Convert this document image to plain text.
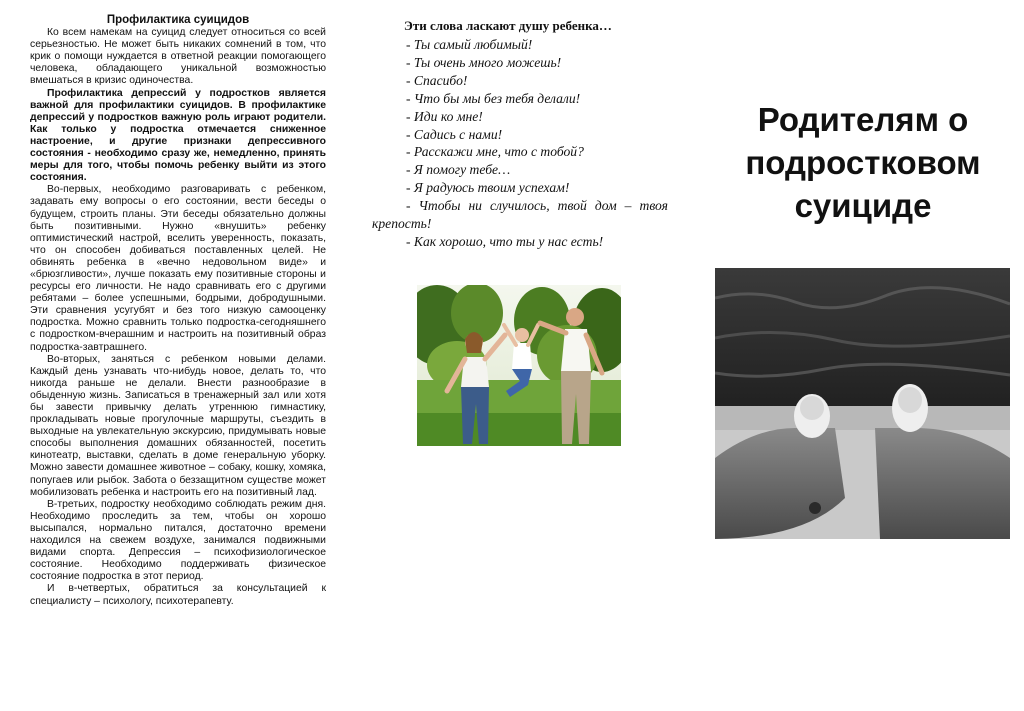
Профилактика суицидов

Ко всем намекам на суицид следует относиться со всей серьезностью. Не может быть никаких сомнений в том, что крик о помощи нуждается в ответной реакции помогающего человека, обладающего уникальной возможностью вмешаться в кризис одиночества.

Профилактика депрессий у подростков является важной для профилактики суицидов. В профилактике депрессий у подростков важную роль играют родители. Как только у подростка отмечается сниженное настроение, и другие признаки депрессивного состояния - необходимо сразу же, немедленно, принять меры для того, чтобы помочь ребенку выйти из этого состояния.

Во-первых, необходимо разговаривать с ребенком, задавать ему вопросы о его состоянии, вести беседы о будущем, строить планы. Эти беседы обязательно должны быть позитивными. Нужно «внушить» ребенку оптимистический настрой, вселить уверенность, показать, что он способен добиваться поставленных целей. Не обвинять ребенка в «вечно недовольном виде» и «брюзгливости», лучше показать ему позитивные стороны и ресурсы его личности. Не надо сравнивать его с другими ребятами – более успешными, бодрыми, добродушными. Эти сравнения усугубят и без того низкую самооценку подростка. Можно сравнить только подростка-сегодняшнего с подростком-вчерашним и настроить на позитивный образ подростка-завтрашнего.

Во-вторых, заняться с ребенком новыми делами. Каждый день узнавать что-нибудь новое, делать то, что никогда раньше не делали. Внести разнообразие в обыденную жизнь. Записаться в тренажерный зал или хотя бы завести привычку делать утреннюю гимнастику, прокладывать новые прогулочные маршруты, съездить в выходные на увлекательную экскурсию, придумывать новые способы выполнения домашних обязанностей, посетить кинотеатр, выставки, сделать в доме генеральную уборку. Можно завести домашнее животное – собаку, кошку, хомяка, попугаев или рыбок. Забота о беззащитном существе может мобилизовать ребенка и настроить его на позитивный лад.

В-третьих, подростку необходимо соблюдать режим дня. Необходимо проследить за тем, чтобы он хорошо высыпался, нормально питался, достаточно времени находился на свежем воздухе, занимался подвижными видами спорта. Депрессия – психофизиологическое состояние. Необходимо поддерживать физическое состояние подростка в этот период.

И в-четвертых, обратиться за консультацией к специалисту – психологу, психотерапевту.

Эти слова ласкают душу ребенка…
- Ты самый любимый!
- Ты очень много можешь!
- Спасибо!
- Что бы мы без тебя делали!
- Иди ко мне!
- Садись с нами!
- Расскажи мне, что с тобой?
- Я помогу тебе…
- Я радуюсь твоим успехам!
- Чтобы ни случилось, твой дом – твоя крепость!
- Как хорошо, что ты у нас есть!
Родителям о подростковом суициде
